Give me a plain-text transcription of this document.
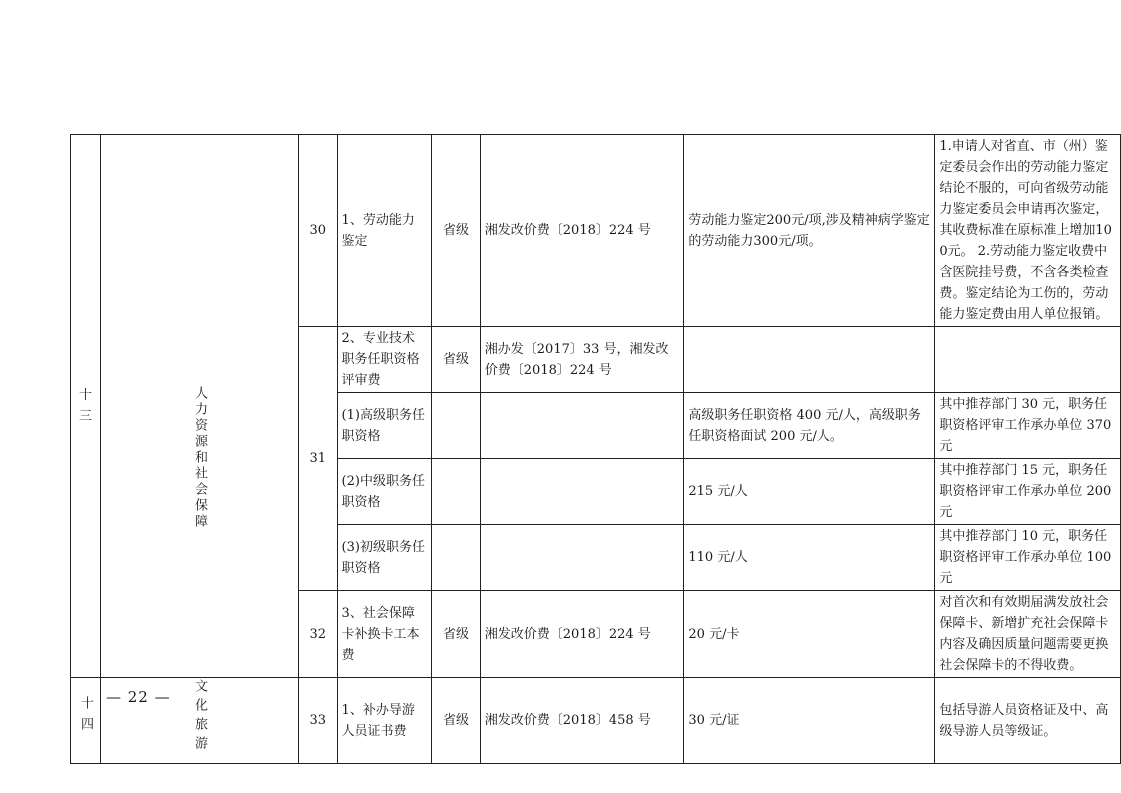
十三	人力资源和社会保障	30	1、劳动能力鉴定	省级	湘发改价费〔2018〕224 号	劳动能力鉴定200元/项,涉及精神病学鉴定的劳动能力300元/项。	1.申请人对省直、市（州）鉴定委员会作出的劳动能力鉴定结论不服的，可向省级劳动能力鉴定委员会申请再次鉴定，其收费标准在原标准上增加100元。 2.劳动能力鉴定收费中含医院挂号费，不含各类检查费。鉴定结论为工伤的，劳动能力鉴定费由用人单位报销。
		31	2、专业技术职务任职资格评审费	省级	湘办发〔2017〕33 号，湘发改价费〔2018〕224 号		
			(1)高级职务任职资格			高级职务任职资格 400 元/人，高级职务任职资格面试 200 元/人。	其中推荐部门 30 元，职务任职资格评审工作承办单位 370 元
			(2)中级职务任职资格			215 元/人	其中推荐部门 15 元，职务任职资格评审工作承办单位 200 元
			(3)初级职务任职资格			110 元/人	其中推荐部门 10 元，职务任职资格评审工作承办单位 100 元
		32	3、社会保障卡补换卡工本费	省级	湘发改价费〔2018〕224 号	20 元/卡	对首次和有效期届满发放社会保障卡、新增扩充社会保障卡内容及确因质量问题需要更换社会保障卡的不得收费。
十四	文化旅游	33	1、补办导游人员证书费	省级	湘发改价费〔2018〕458 号	30 元/证	包括导游人员资格证及中、高级导游人员等级证。
— 22 —
